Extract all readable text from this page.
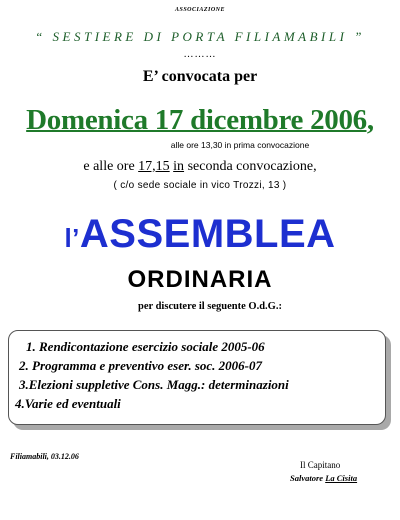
ASSOCIAZIONE
“ SESTIERE DI PORTA FILIAMABILI ”
………
E’ convocata per
Domenica 17 dicembre 2006,
alle ore 13,30 in prima convocazione
e alle ore 17,15 in seconda convocazione,
( c/o sede sociale in vico Trozzi, 13 )
l’ASSEMBLEA
ORDINARIA
per discutere il seguente O.d.G.:
1. Rendicontazione esercizio sociale 2005-06
2. Programma e preventivo eser. soc. 2006-07
3.Elezioni suppletive Cons. Magg.: determinazioni
4.Varie ed eventuali
Filiamabili, 03.12.06
Il Capitano
Salvatore La Cisita
